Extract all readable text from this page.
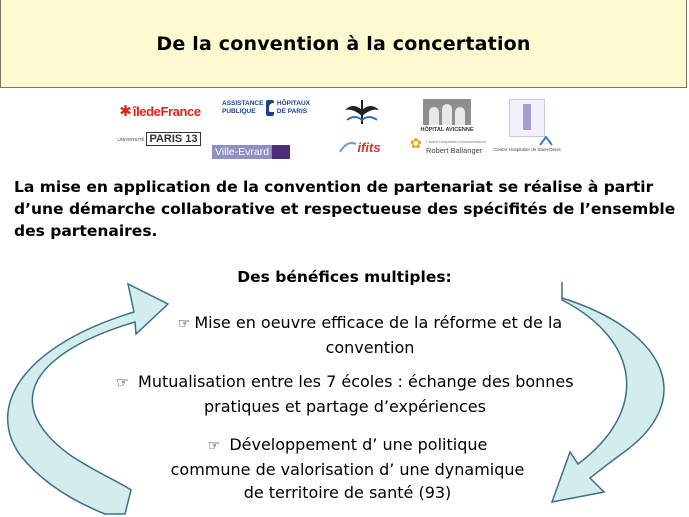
De la convention à la concertation
✱ îledeFrance	ASSISTANCE
PUBLIQUE
HÔPITAUX
DE PARIS
HÔPITAL AVICENNE
UNIVERSITÉ PARIS 13
Ville-Evrard	ifits ✿ Centre Hospitalier Intercommunal
Robert Ballanger	Centre Hospitalier de Saint-Denis
La mise en application de la convention de partenariat se réalise à partir d’une démarche collaborative et respectueuse des spécifités de l’ensemble des partenaires.
Des bénéfices multiples:
☞ Mise en oeuvre efficace de la réforme et de la
convention
☞ Mutualisation entre les 7 écoles : échange des bonnes
pratiques et partage d’expériences
☞ Développement d’ une politique
commune de valorisation d’ une dynamique
de territoire de santé (93)
